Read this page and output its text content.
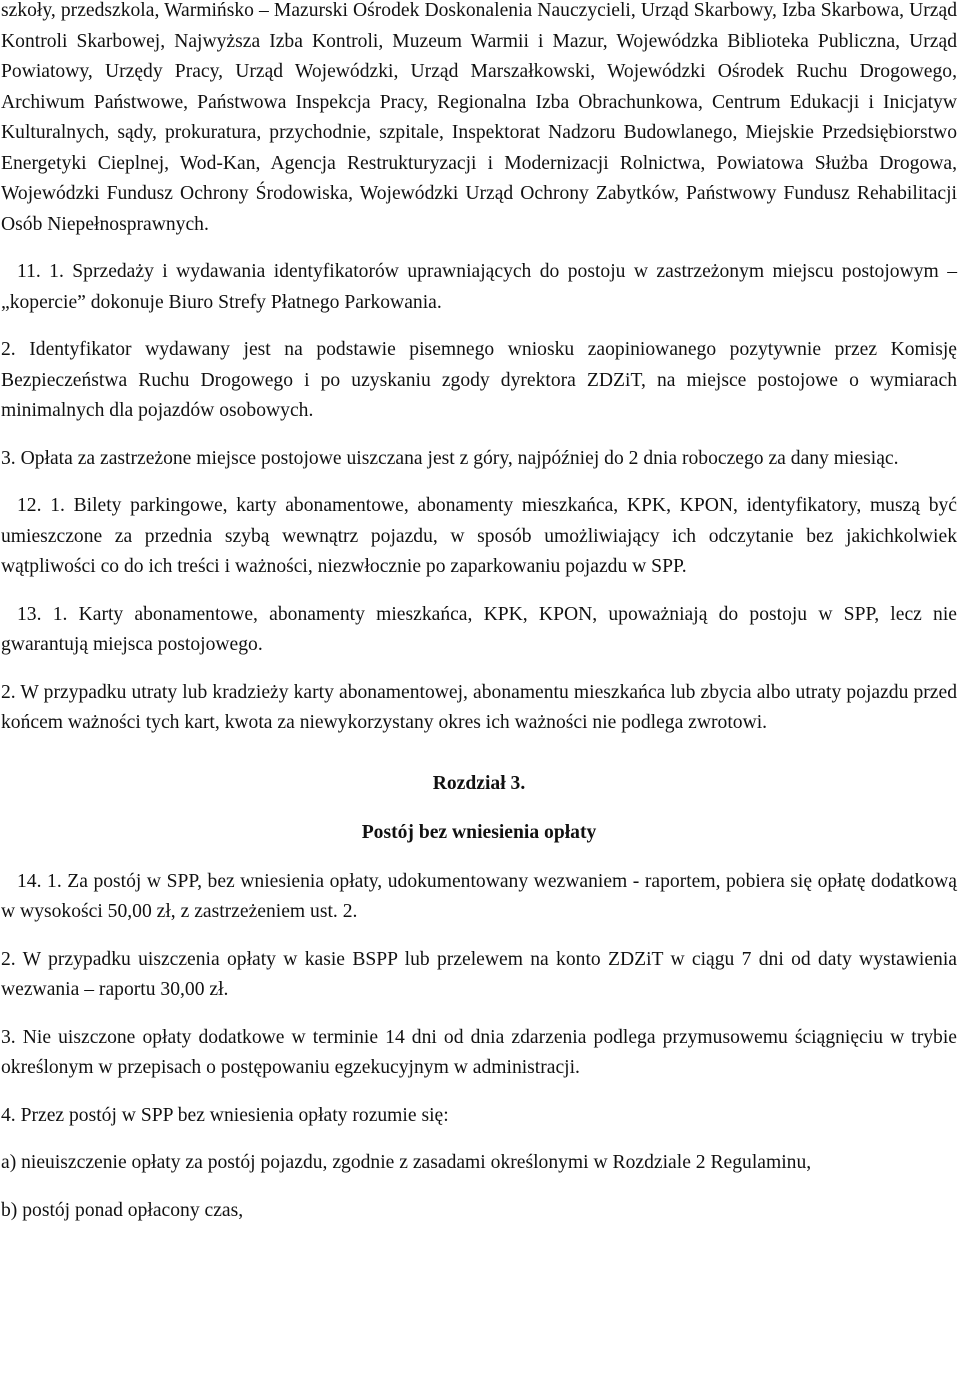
szkoły, przedszkola, Warmińsko – Mazurski Ośrodek Doskonalenia Nauczycieli, Urząd Skarbowy, Izba Skarbowa, Urząd Kontroli Skarbowej, Najwyższa Izba Kontroli, Muzeum Warmii i Mazur, Wojewódzka Biblioteka Publiczna, Urząd Powiatowy, Urzędy Pracy, Urząd Wojewódzki, Urząd Marszałkowski, Wojewódzki Ośrodek Ruchu Drogowego, Archiwum Państwowe, Państwowa Inspekcja Pracy, Regionalna Izba Obrachunkowa, Centrum Edukacji i Inicjatyw Kulturalnych, sądy, prokuratura, przychodnie, szpitale, Inspektorat Nadzoru Budowlanego, Miejskie Przedsiębiorstwo Energetyki Cieplnej, Wod-Kan, Agencja Restrukturyzacji i Modernizacji Rolnictwa, Powiatowa Służba Drogowa, Wojewódzki Fundusz Ochrony Środowiska, Wojewódzki Urząd Ochrony Zabytków, Państwowy Fundusz Rehabilitacji Osób Niepełnosprawnych.

11. 1. Sprzedaży i wydawania identyfikatorów uprawniających do postoju w zastrzeżonym miejscu postojowym – „kopercie” dokonuje Biuro Strefy Płatnego Parkowania.

2. Identyfikator wydawany jest na podstawie pisemnego wniosku zaopiniowanego pozytywnie przez Komisję Bezpieczeństwa Ruchu Drogowego i po uzyskaniu zgody dyrektora ZDZiT, na miejsce postojowe o wymiarach minimalnych dla pojazdów osobowych.

3. Opłata za zastrzeżone miejsce postojowe uiszczana jest z góry, najpóźniej do 2 dnia roboczego za dany miesiąc.

12. 1. Bilety parkingowe, karty abonamentowe, abonamenty mieszkańca, KPK, KPON, identyfikatory, muszą być umieszczone za przednia szybą wewnątrz pojazdu, w sposób umożliwiający ich odczytanie bez jakichkolwiek wątpliwości co do ich treści i ważności, niezwłocznie po zaparkowaniu pojazdu w SPP.

13. 1. Karty abonamentowe, abonamenty mieszkańca, KPK, KPON, upoważniają do postoju w SPP, lecz nie gwarantują miejsca postojowego.

2. W przypadku utraty lub kradzieży karty abonamentowej, abonamentu mieszkańca lub zbycia albo utraty pojazdu przed końcem ważności tych kart, kwota za niewykorzystany okres ich ważności nie podlega zwrotowi.

Rozdział 3.

Postój bez wniesienia opłaty

14. 1. Za postój w SPP, bez wniesienia opłaty, udokumentowany wezwaniem - raportem, pobiera się opłatę dodatkową w wysokości 50,00 zł, z zastrzeżeniem ust. 2.

2. W przypadku uiszczenia opłaty w kasie BSPP lub przelewem na konto ZDZiT w ciągu 7 dni od daty wystawienia wezwania – raportu 30,00 zł.

3. Nie uiszczone opłaty dodatkowe w terminie 14 dni od dnia zdarzenia podlega przymusowemu ściągnięciu w trybie określonym w przepisach o postępowaniu egzekucyjnym w administracji.

4. Przez postój w SPP bez wniesienia opłaty rozumie się:

a) nieuiszczenie opłaty za postój pojazdu, zgodnie z zasadami określonymi w Rozdziale 2 Regulaminu,

b) postój ponad opłacony czas,
